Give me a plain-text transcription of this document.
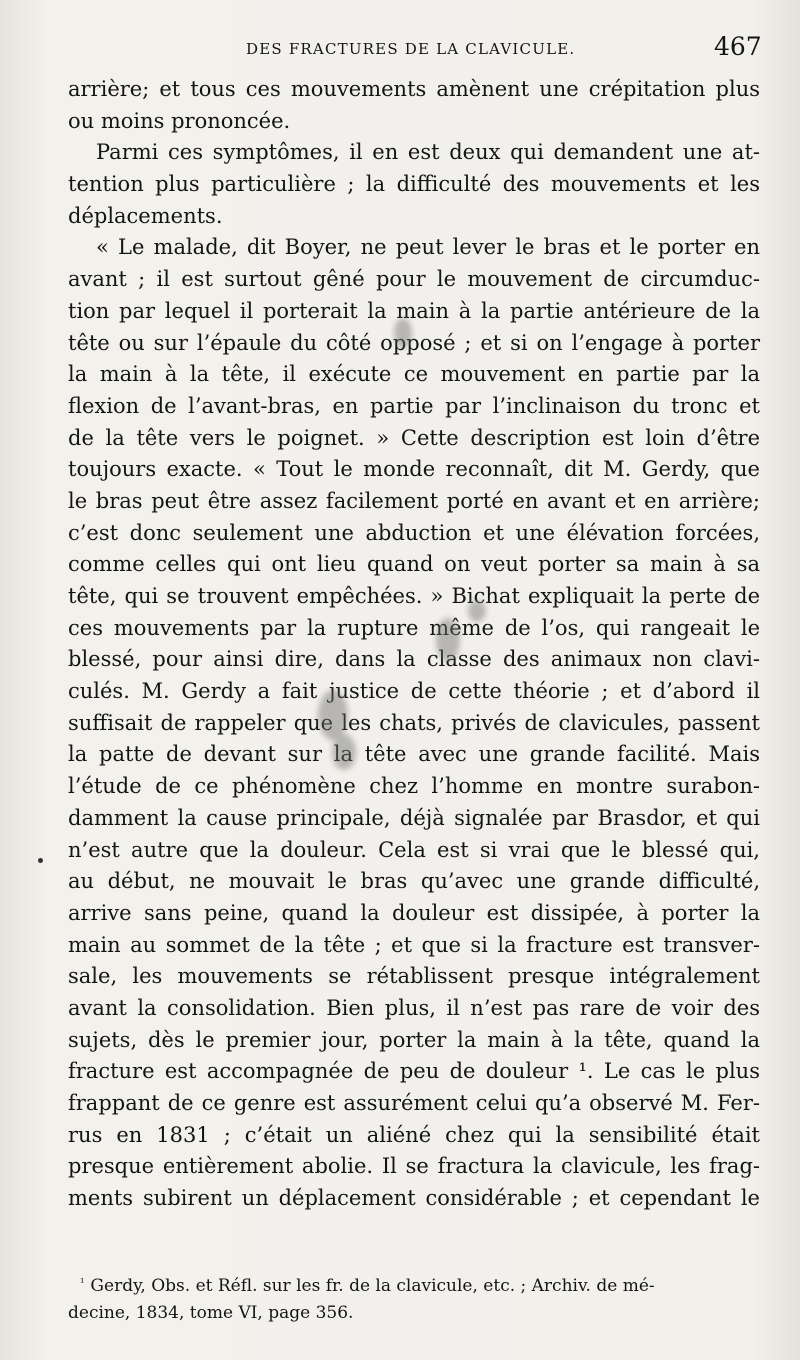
DES FRACTURES DE LA CLAVICULE.	467
arrière; et tous ces mouvements amènent une crépitation plus
ou moins prononcée.
Parmi ces symptômes, il en est deux qui demandent une at-
tention plus particulière ; la difficulté des mouvements et les
déplacements.
« Le malade, dit Boyer, ne peut lever le bras et le porter en
avant ; il est surtout gêné pour le mouvement de circumduc-
tion par lequel il porterait la main à la partie antérieure de la
tête ou sur l’épaule du côté opposé ; et si on l’engage à porter
la main à la tête, il exécute ce mouvement en partie par la
flexion de l’avant-bras, en partie par l’inclinaison du tronc et
de la tête vers le poignet. » Cette description est loin d’être
toujours exacte. « Tout le monde reconnaît, dit M. Gerdy, que
le bras peut être assez facilement porté en avant et en arrière;
c’est donc seulement une abduction et une élévation forcées,
comme celles qui ont lieu quand on veut porter sa main à sa
tête, qui se trouvent empêchées. » Bichat expliquait la perte de
ces mouvements par la rupture même de l’os, qui rangeait le
blessé, pour ainsi dire, dans la classe des animaux non clavi-
culés. M. Gerdy a fait justice de cette théorie ; et d’abord il
suffisait de rappeler que les chats, privés de clavicules, passent
la patte de devant sur la tête avec une grande facilité. Mais
l’étude de ce phénomène chez l’homme en montre surabon-
damment la cause principale, déjà signalée par Brasdor, et qui
n’est autre que la douleur. Cela est si vrai que le blessé qui,
au début, ne mouvait le bras qu’avec une grande difficulté,
arrive sans peine, quand la douleur est dissipée, à porter la
main au sommet de la tête ; et que si la fracture est transver-
sale, les mouvements se rétablissent presque intégralement
avant la consolidation. Bien plus, il n’est pas rare de voir des
sujets, dès le premier jour, porter la main à la tête, quand la
fracture est accompagnée de peu de douleur ¹. Le cas le plus
frappant de ce genre est assurément celui qu’a observé M. Fer-
rus en 1831 ; c’était un aliéné chez qui la sensibilité était
presque entièrement abolie. Il se fractura la clavicule, les frag-
ments subirent un déplacement considérable ; et cependant le
$^{^1}$ Gerdy, Obs. et Réfl. sur les fr. de la clavicule, etc. ; Archiv. de mé-
decine, 1834, tome VI, page 356.
